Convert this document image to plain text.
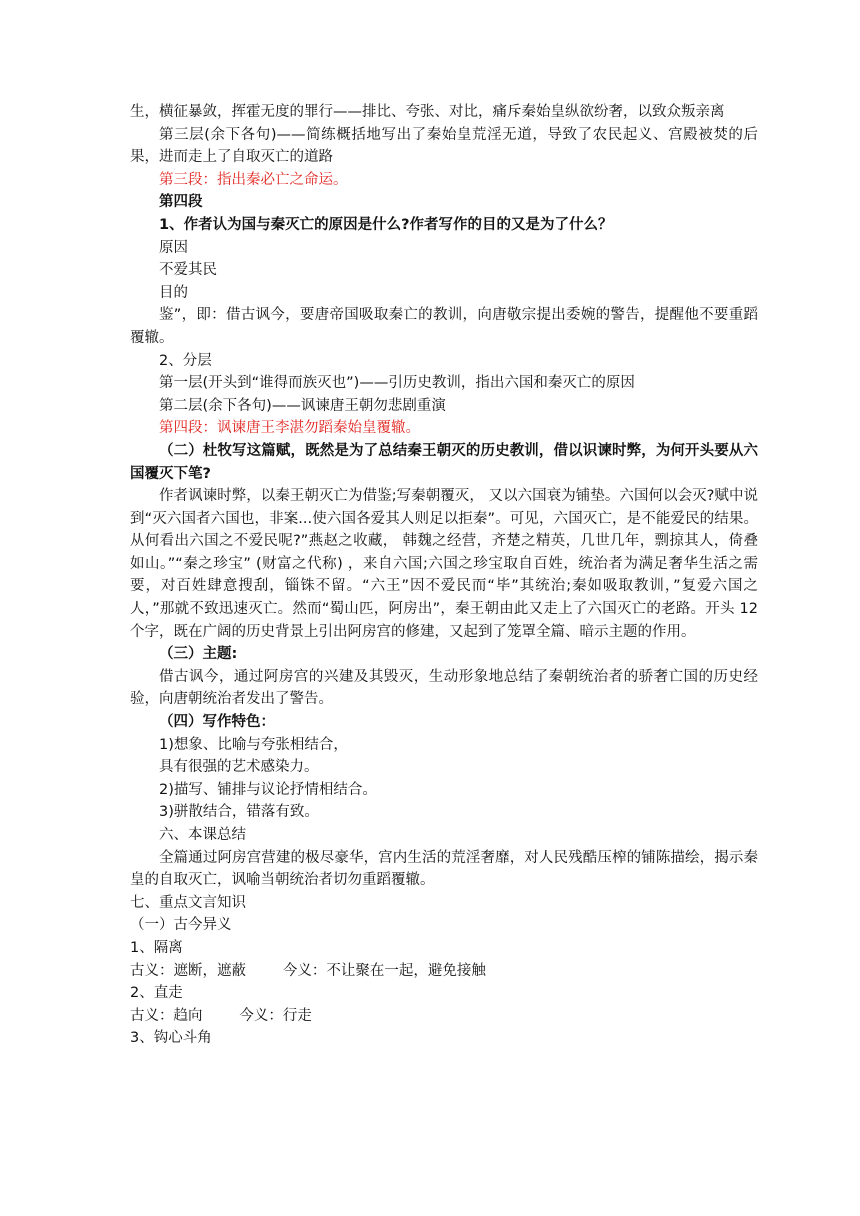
生，横征暴敛，挥霍无度的罪行——排比、夸张、对比，痛斥秦始皇纵欲纷奢，以致众叛亲离

第三层(余下各句)——简练概括地写出了秦始皇荒淫无道，导致了农民起义、宫殿被焚的后果，进而走上了自取灭亡的道路

第三段：指出秦必亡之命运。

第四段

1、作者认为国与秦灭亡的原因是什么?作者写作的目的又是为了什么？

原因

不爱其民

目的

鉴”，即：借古讽今，要唐帝国吸取秦亡的教训，向唐敬宗提出委婉的警告，提醒他不要重蹈覆辙。

2、分层

第一层(开头到“谁得而族灭也”)——引历史教训，指出六国和秦灭亡的原因

第二层(余下各句)——讽谏唐王朝勿悲剧重演

第四段：讽谏唐王李湛勿蹈秦始皇覆辙。

（二）杜牧写这篇赋，既然是为了总结秦王朝灭的历史教训，借以识谏时弊，为何开头要从六国覆灭下笔?

作者讽谏时弊，以秦王朝灭亡为借鉴;写秦朝覆灭， 又以六国衰为铺垫。六国何以会灭?赋中说到“灭六国者六国也，非案...使六国各爱其人则足以拒秦”。可见，六国灭亡，是不能爱民的结果。从何看出六国之不爱民呢?”燕赵之收藏， 韩魏之经营，齐楚之精英，几世几年，剽掠其人，倚叠如山。”“秦之珍宝” (财富之代称) ，来自六国;六国之珍宝取自百姓，统治者为满足奢华生活之需要，对百姓肆意搜刮，锱铢不留。“六王”因不爱民而“毕”其统治;秦如吸取教训，”复爱六国之人，”那就不致迅速灭亡。然而“蜀山匹，阿房出”，秦王朝由此又走上了六国灭亡的老路。开头 12 个字，既在广阔的历史背景上引出阿房宫的修建，又起到了笼罩全篇、暗示主题的作用。

（三）主题:

借古讽今，通过阿房宫的兴建及其毁灭，生动形象地总结了秦朝统治者的骄奢亡国的历史经验，向唐朝统治者发出了警告。

（四）写作特色：

1)想象、比喻与夸张相结合，

具有很强的艺术感染力。

2)描写、铺排与议论抒情相结合。

3)骈散结合，错落有致。

六、本课总结

全篇通过阿房宫营建的极尽豪华，宫内生活的荒淫奢靡，对人民残酷压榨的铺陈描绘，揭示秦皇的自取灭亡，讽喻当朝统治者切勿重蹈覆辙。

七、重点文言知识

（一）古今异义

1、隔离

古义：遮断，遮蔽        今义：不让聚在一起，避免接触

2、直走

古义：趋向        今义：行走

3、钩心斗角
